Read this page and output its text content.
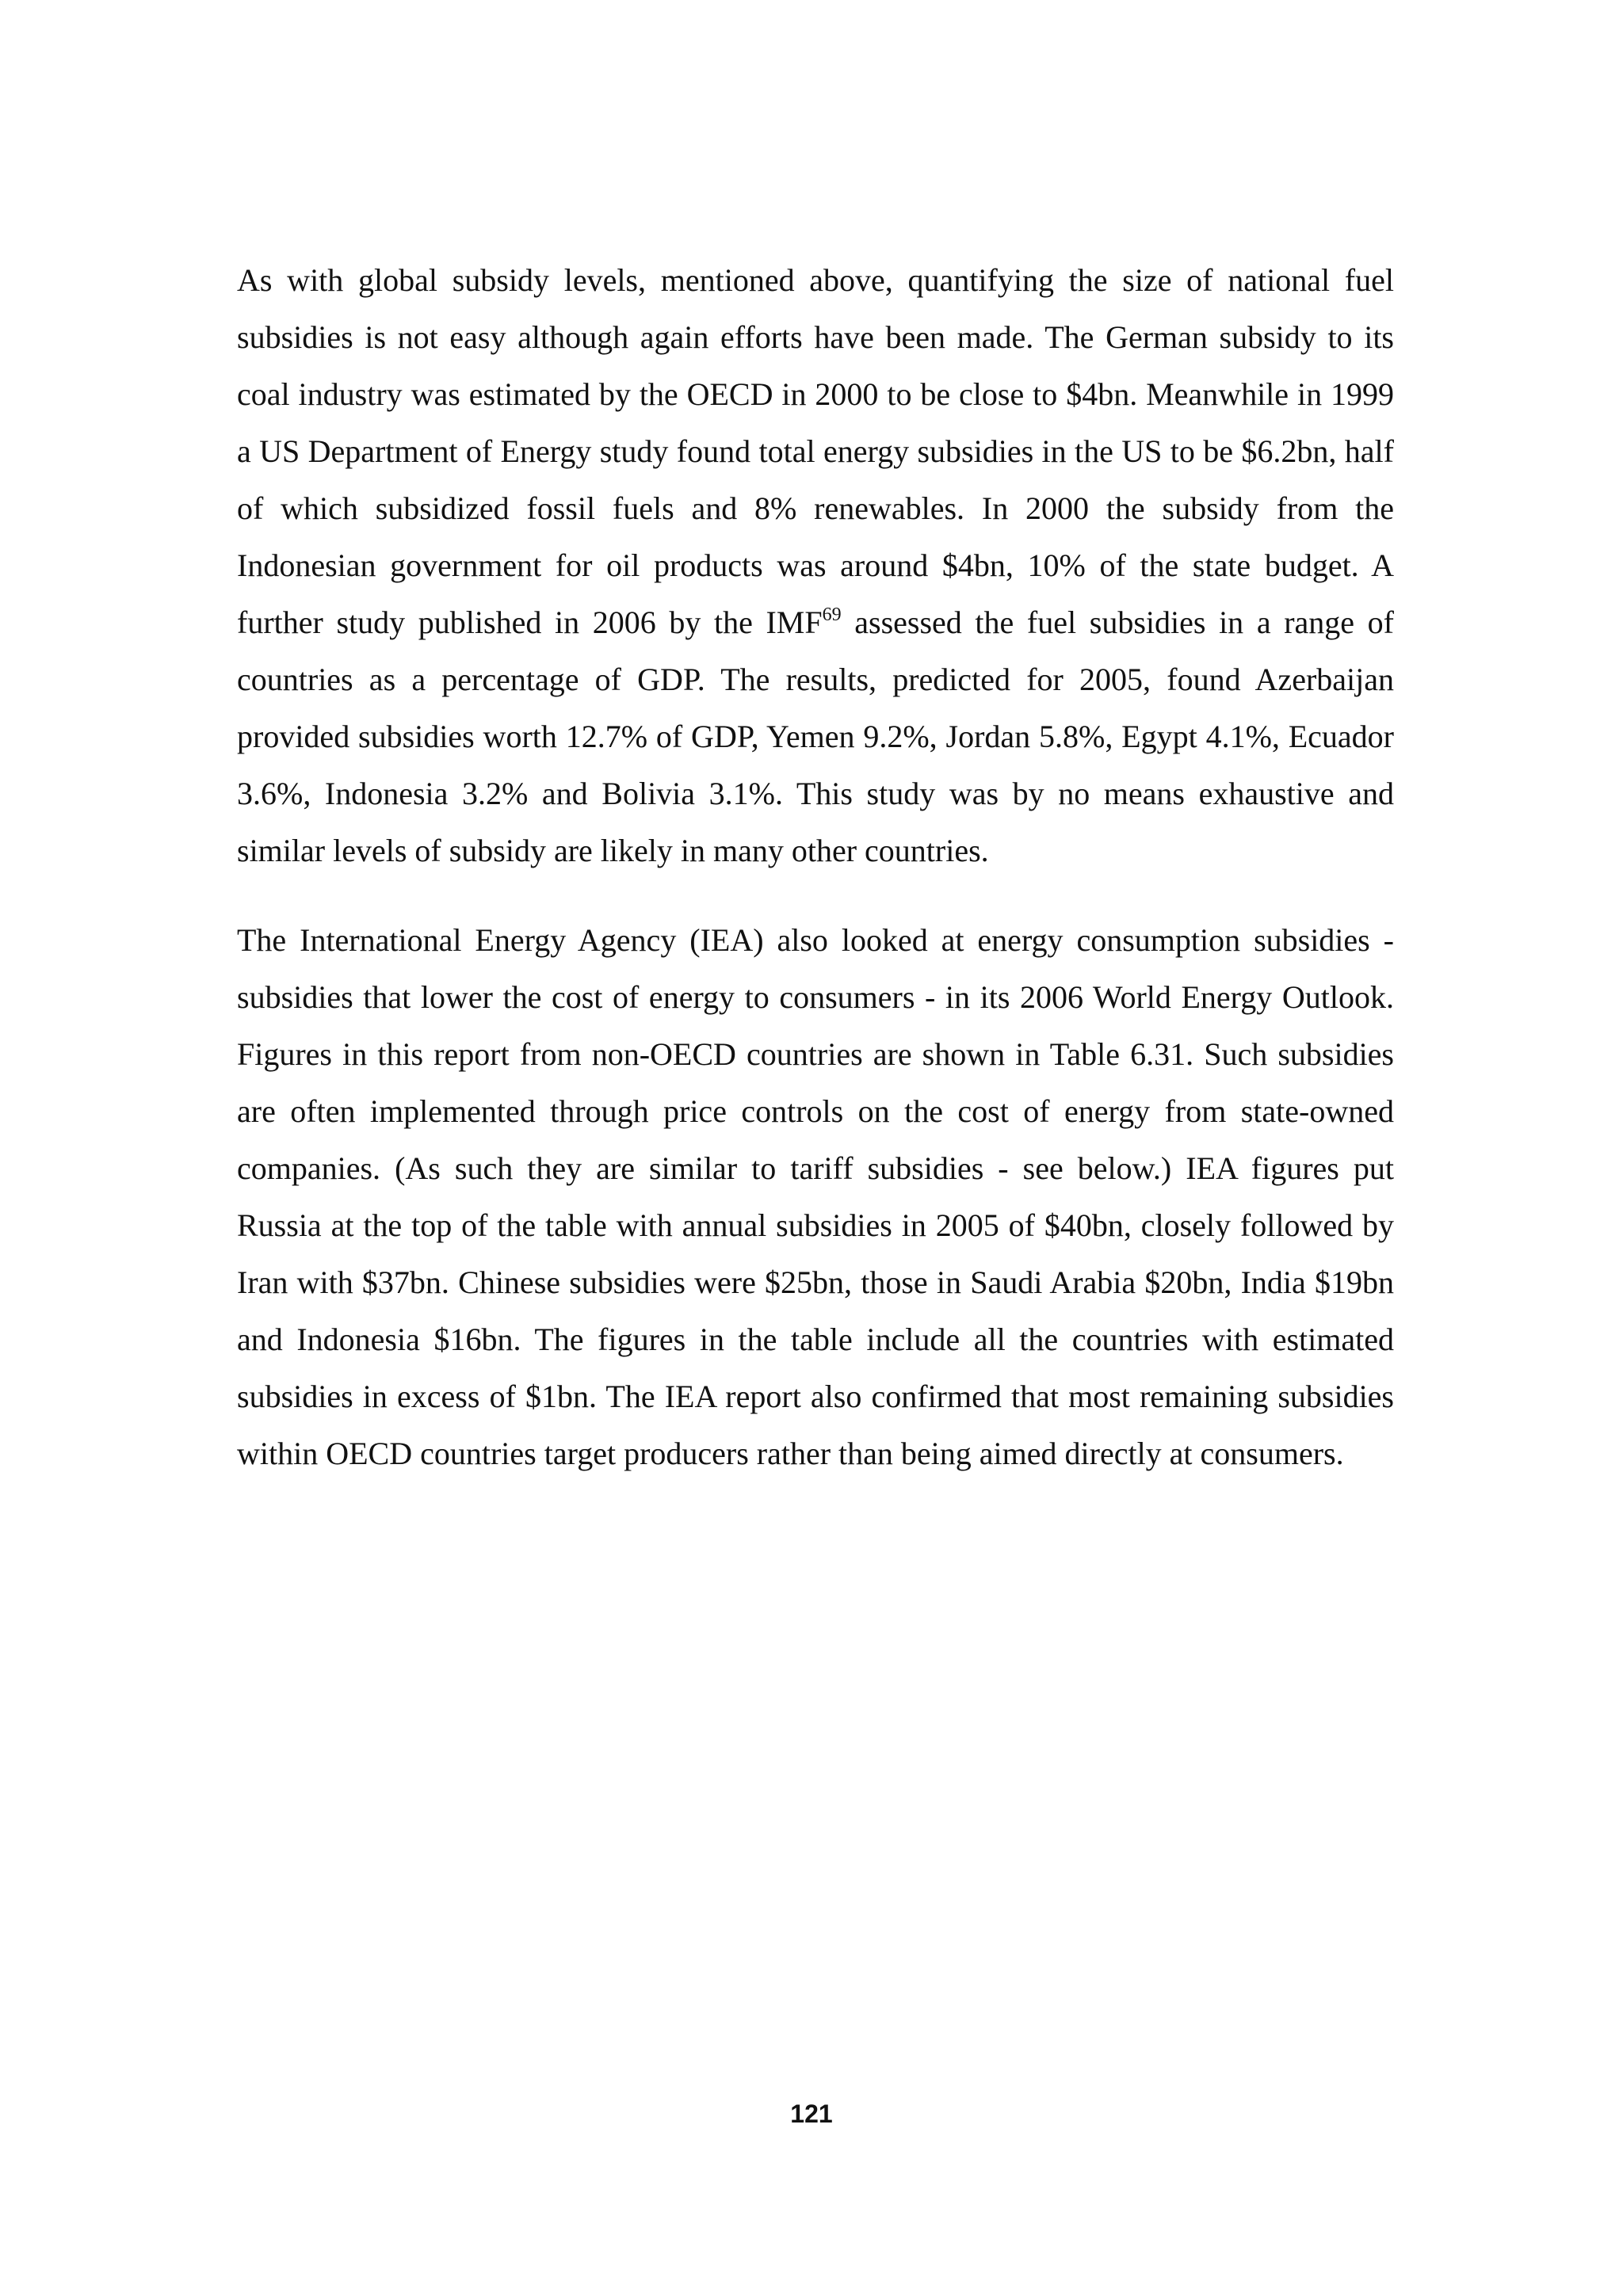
As with global subsidy levels, mentioned above, quantifying the size of national fuel subsidies is not easy although again efforts have been made. The German subsidy to its coal industry was estimated by the OECD in 2000 to be close to $4bn. Meanwhile in 1999 a US Department of Energy study found total energy subsidies in the US to be $6.2bn, half of which subsidized fossil fuels and 8% renewables. In 2000 the subsidy from the Indonesian government for oil products was around $4bn, 10% of the state budget. A further study published in 2006 by the IMF$^{69}$ assessed the fuel subsidies in a range of countries as a percentage of GDP. The results, predicted for 2005, found Azerbaijan provided subsidies worth 12.7% of GDP, Yemen 9.2%, Jordan 5.8%, Egypt 4.1%, Ecuador 3.6%, Indonesia 3.2% and Bolivia 3.1%. This study was by no means exhaustive and similar levels of subsidy are likely in many other countries.

The International Energy Agency (IEA) also looked at energy consumption subsidies - subsidies that lower the cost of energy to consumers - in its 2006 World Energy Outlook. Figures in this report from non-OECD countries are shown in Table 6.31. Such subsidies are often implemented through price controls on the cost of energy from state-owned companies. (As such they are similar to tariff subsidies - see below.) IEA figures put Russia at the top of the table with annual subsidies in 2005 of $40bn, closely followed by Iran with $37bn. Chinese subsidies were $25bn, those in Saudi Arabia $20bn, India $19bn and Indonesia $16bn. The figures in the table include all the countries with estimated subsidies in excess of $1bn. The IEA report also confirmed that most remaining subsidies within OECD countries target producers rather than being aimed directly at consumers.

121
